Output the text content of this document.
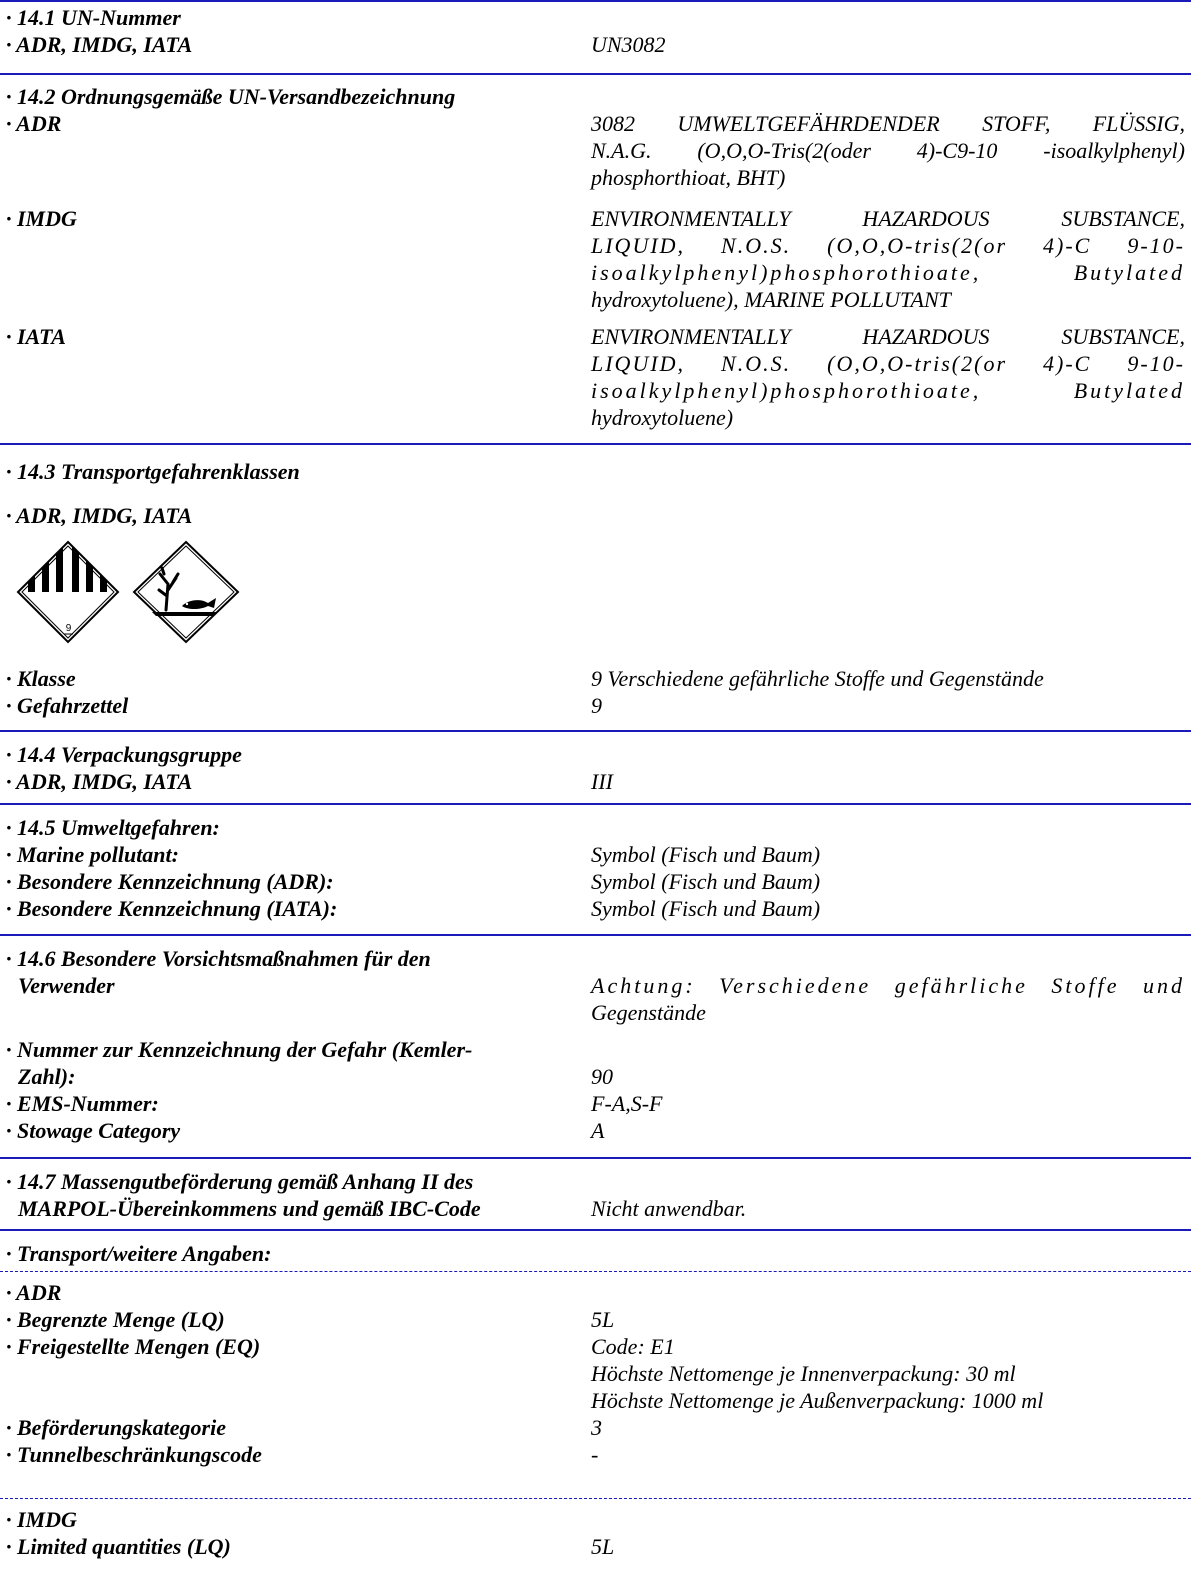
· 14.1 UN-Nummer
· ADR, IMDG, IATA	UN3082
· 14.2 Ordnungsgemäße UN-Versandbezeichnung
· ADR	3082 UMWELTGEFÄHRDENDER STOFF, FLÜSSIG,
N.A.G. (O,O,O-Tris(2(oder 4)-C9-10 -isoalkylphenyl)
phosphorthioat, BHT)
· IMDG	ENVIRONMENTALLY HAZARDOUS SUBSTANCE,
LIQUID, N.O.S. (O,O,O-tris(2(or 4)-C 9-10-
isoalkylphenyl)phosphorothioate, Butylated
hydroxytoluene), MARINE POLLUTANT
· IATA	ENVIRONMENTALLY HAZARDOUS SUBSTANCE,
LIQUID, N.O.S. (O,O,O-tris(2(or 4)-C 9-10-
isoalkylphenyl)phosphorothioate, Butylated
hydroxytoluene)
· 14.3 Transportgefahrenklassen
· ADR, IMDG, IATA
9
· Klasse	9 Verschiedene gefährliche Stoffe und Gegenstände
· Gefahrzettel	9
· 14.4 Verpackungsgruppe
· ADR, IMDG, IATA	III
· 14.5 Umweltgefahren:
· Marine pollutant:	Symbol (Fisch und Baum)
· Besondere Kennzeichnung (ADR):	Symbol (Fisch und Baum)
· Besondere Kennzeichnung (IATA):	Symbol (Fisch und Baum)
· 14.6 Besondere Vorsichtsmaßnahmen für den
Verwender	Achtung: Verschiedene gefährliche Stoffe und
Gegenstände
· Nummer zur Kennzeichnung der Gefahr (Kemler-
Zahl):	90
· EMS-Nummer:	F-A,S-F
· Stowage Category	A
· 14.7 Massengutbeförderung gemäß Anhang II des
MARPOL-Übereinkommens und gemäß IBC-Code	Nicht anwendbar.
· Transport/weitere Angaben:
· ADR
· Begrenzte Menge (LQ)	5L
· Freigestellte Mengen (EQ)	Code: E1
Höchste Nettomenge je Innenverpackung: 30 ml
Höchste Nettomenge je Außenverpackung: 1000 ml
· Beförderungskategorie	3
· Tunnelbeschränkungscode	-
· IMDG
· Limited quantities (LQ)	5L
